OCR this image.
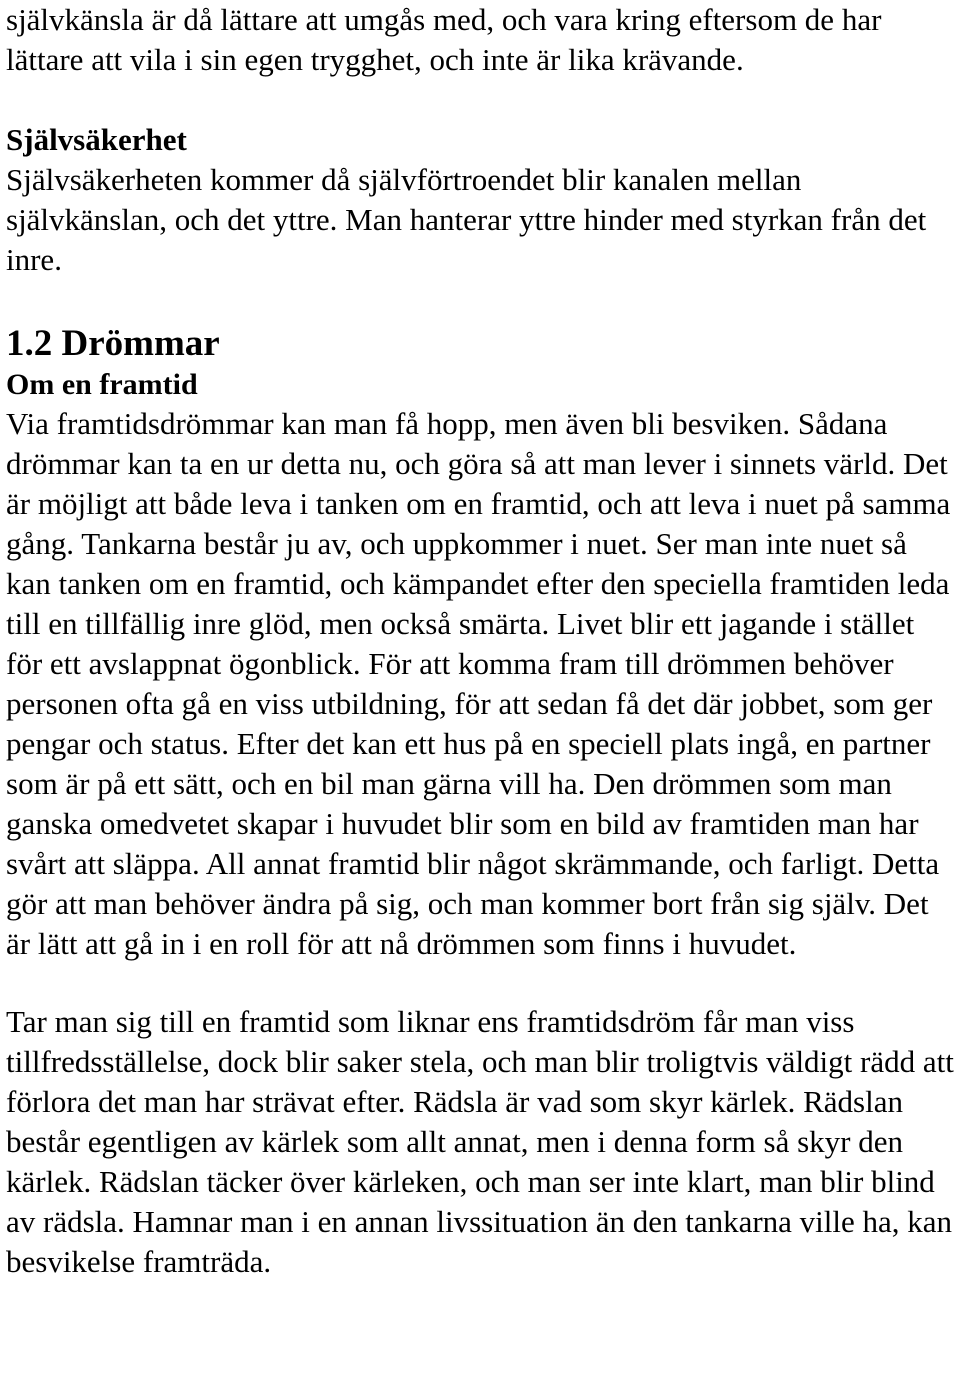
självkänsla är då lättare att umgås med, och vara kring eftersom de har lättare att vila i sin egen trygghet, och inte är lika krävande.

Självsäkerhet

Självsäkerheten kommer då självförtroendet blir kanalen mellan självkänslan, och det yttre. Man hanterar yttre hinder med styrkan från det inre.

1.2 Drömmar
Om en framtid

Via framtidsdrömmar kan man få hopp, men även bli besviken. Sådana drömmar kan ta en ur detta nu, och göra så att man lever i sinnets värld. Det är möjligt att både leva i tanken om en framtid, och att leva i nuet på samma gång. Tankarna består ju av, och uppkommer i nuet. Ser man inte nuet så kan tanken om en framtid, och kämpandet efter den speciella framtiden leda till en tillfällig inre glöd, men också smärta. Livet blir ett jagande i stället för ett avslappnat ögonblick. För att komma fram till drömmen behöver personen ofta gå en viss utbildning, för att sedan få det där jobbet, som ger pengar och status. Efter det kan ett hus på en speciell plats ingå, en partner som är på ett sätt, och en bil man gärna vill ha. Den drömmen som man ganska omedvetet skapar i huvudet blir som en bild av framtiden man har svårt att släppa. All annat framtid blir något skrämmande, och farligt. Detta gör att man behöver ändra på sig, och man kommer bort från sig själv. Det är lätt att gå in i en roll för att nå drömmen som finns i huvudet.

Tar man sig till en framtid som liknar ens framtidsdröm får man viss tillfredsställelse, dock blir saker stela, och man blir troligtvis väldigt rädd att förlora det man har strävat efter. Rädsla är vad som skyr kärlek. Rädslan består egentligen av kärlek som allt annat, men i denna form så skyr den kärlek. Rädslan täcker över kärleken, och man ser inte klart, man blir blind av rädsla. Hamnar man i en annan livssituation än den tankarna ville ha, kan besvikelse framträda.
